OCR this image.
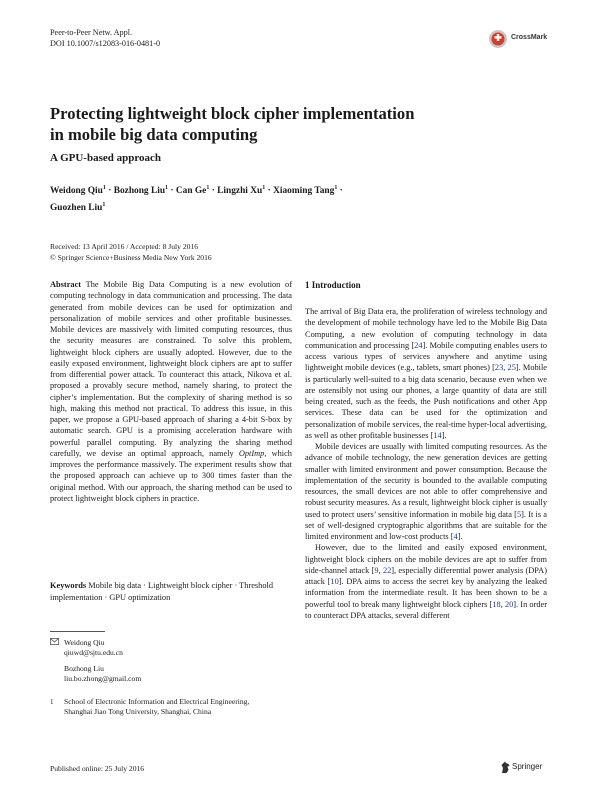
Peer-to-Peer Netw. Appl.
DOI 10.1007/s12083-016-0481-0
CrossMark
Protecting lightweight block cipher implementation
in mobile big data computing
A GPU-based approach
Weidong Qiu$^1$ · Bozhong Liu$^1$ · Can $Ge^1$ · Lingzhi $Xu^1$ · Xiaoming Tang$^1$ ·
Guozhen Liu$^1$
Received: 13 April 2016 / Accepted: 8 July 2016
© Springer Science+Business Media New York 2016
Abstract The Mobile Big Data Computing is a new evolution of computing technology in data communication and processing. The data generated from mobile devices can be used for optimization and personalization of mobile services and other profitable businesses. Mobile devices are massively with limited computing resources, thus the security measures are constrained. To solve this problem, lightweight block ciphers are usually adopted. However, due to the easily exposed environment, lightweight block ciphers are apt to suffer from differential power attack. To counteract this attack, Nikova et al. proposed a provably secure method, namely sharing, to protect the cipher’s implementation. But the complexity of sharing method is so high, making this method not practical. To address this issue, in this paper, we propose a GPU-based approach of sharing a 4-bit S-box by automatic search. GPU is a promising acceleration hardware with powerful parallel computing. By analyzing the sharing method carefully, we devise an optimal approach, namely OptImp, which improves the performance massively. The experiment results show that the proposed approach can achieve up to 300 times faster than the original method. With our approach, the sharing method can be used to protect lightweight block ciphers in practice.
Keywords Mobile big data · Lightweight block cipher · Threshold implementation · GPU optimization
Weidong Qiu
qiuwd@sjtu.edu.cn
Bozhong Liu
liu.bo.zhong@gmail.com
1 School of Electronic Information and Electrical Engineering,
Shanghai Jiao Tong University, Shanghai, China
1 Introduction

The arrival of Big Data era, the proliferation of wireless technology and the development of mobile technology have led to the Mobile Big Data Computing, a new evolution of computing technology in data communication and processing [24]. Mobile computing enables users to access various types of services anywhere and anytime using lightweight mobile devices (e.g., tablets, smart phones) [23, 25]. Mobile is particularly well-suited to a big data scenario, because even when we are ostensibly not using our phones, a large quantity of data are still being created, such as the feeds, the Push notifications and other App services. These data can be used for the optimization and personalization of mobile services, the real-time hyper-local advertising, as well as other profitable businesses [14].

Mobile devices are usually with limited computing resources. As the advance of mobile technology, the new generation devices are getting smaller with limited environment and power consumption. Because the implementation of the security is bounded to the available computing resources, the small devices are not able to offer comprehensive and robust security measures. As a result, lightweight block cipher is usually used to protect users’ sensitive information in mobile big data [5]. It is a set of well-designed cryptographic algorithms that are suitable for the limited environment and low-cost products [4].

However, due to the limited and easily exposed environment, lightweight block ciphers on the mobile devices are apt to suffer from side-channel attack [9, 22], especially differential power analysis (DPA) attack [10]. DPA aims to access the secret key by analyzing the leaked information from the intermediate result. It has been shown to be a powerful tool to break many lightweight block ciphers [18, 20]. In order to counteract DPA attacks, several different

Published online: 25 July 2016	Springer
